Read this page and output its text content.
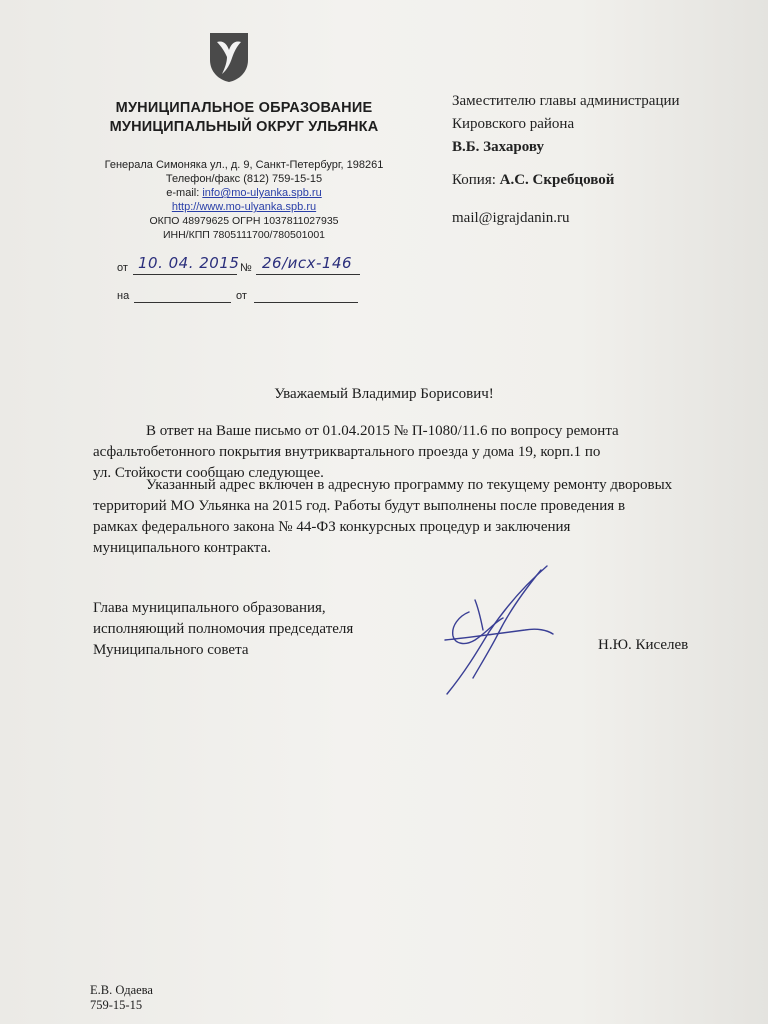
МУНИЦИПАЛЬНОЕ ОБРАЗОВАНИЕ
МУНИЦИПАЛЬНЫЙ ОКРУГ УЛЬЯНКА
Генерала Симоняка ул., д. 9, Санкт-Петербург, 198261
Телефон/факс (812) 759-15-15
e-mail: info@mo-ulyanka.spb.ru
http://www.mo-ulyanka.spb.ru
ОКПО 48979625 ОГРН 1037811027935
ИНН/КПП 7805111700/780501001
от 10. 04. 2015 № 26/исх-146
на	от
Заместителю главы администрации
Кировского района
В.Б. Захарову
Копия: А.С. Скребцовой
mail@igrajdanin.ru
Уважаемый Владимир Борисович!
В ответ на Ваше письмо от 01.04.2015 № П-1080/11.6 по вопросу ремонта
асфальтобетонного покрытия внутриквартального проезда у дома 19, корп.1 по
ул. Стойкости сообщаю следующее.
Указанный адрес включен в адресную программу по текущему ремонту дворовых
территорий МО Ульянка на 2015 год. Работы будут выполнены после проведения в
рамках федерального закона № 44-ФЗ конкурсных процедур и заключения
муниципального контракта.
Глава муниципального образования,
исполняющий полномочия председателя
Муниципального совета	Н.Ю. Киселев
Е.В. Одаева
759-15-15
